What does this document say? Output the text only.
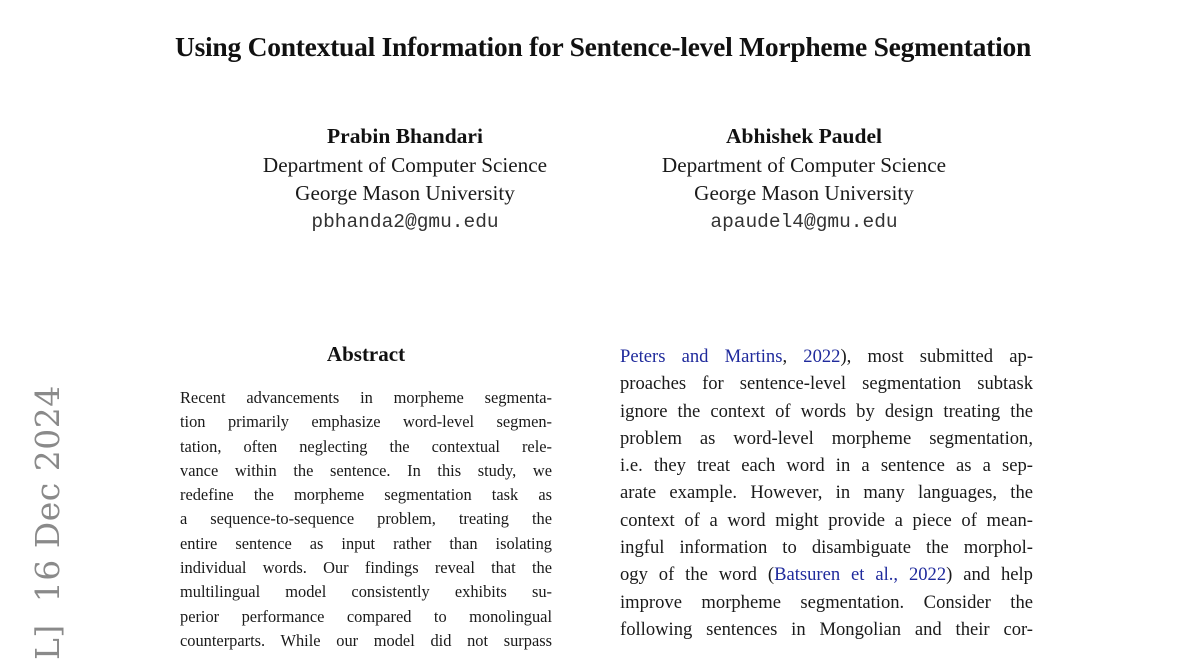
Using Contextual Information for Sentence-level Morpheme Segmentation
Prabin Bhandari
Department of Computer Science
George Mason University
pbhanda2@gmu.edu
Abhishek Paudel
Department of Computer Science
George Mason University
apaudel4@gmu.edu
L]  16 Dec 2024
Abstract
Recent advancements in morpheme segmenta-
tion primarily emphasize word-level segmen-
tation, often neglecting the contextual rele-
vance within the sentence. In this study, we
redefine the morpheme segmentation task as
a sequence-to-sequence problem, treating the
entire sentence as input rather than isolating
individual words. Our findings reveal that the
multilingual model consistently exhibits su-
perior performance compared to monolingual
counterparts. While our model did not surpass
Peters and Martins, 2022), most submitted ap-
proaches for sentence-level segmentation subtask
ignore the context of words by design treating the
problem as word-level morpheme segmentation,
i.e. they treat each word in a sentence as a sep-
arate example. However, in many languages, the
context of a word might provide a piece of mean-
ingful information to disambiguate the morphol-
ogy of the word (Batsuren et al., 2022) and help
improve morpheme segmentation. Consider the
following sentences in Mongolian and their cor-
